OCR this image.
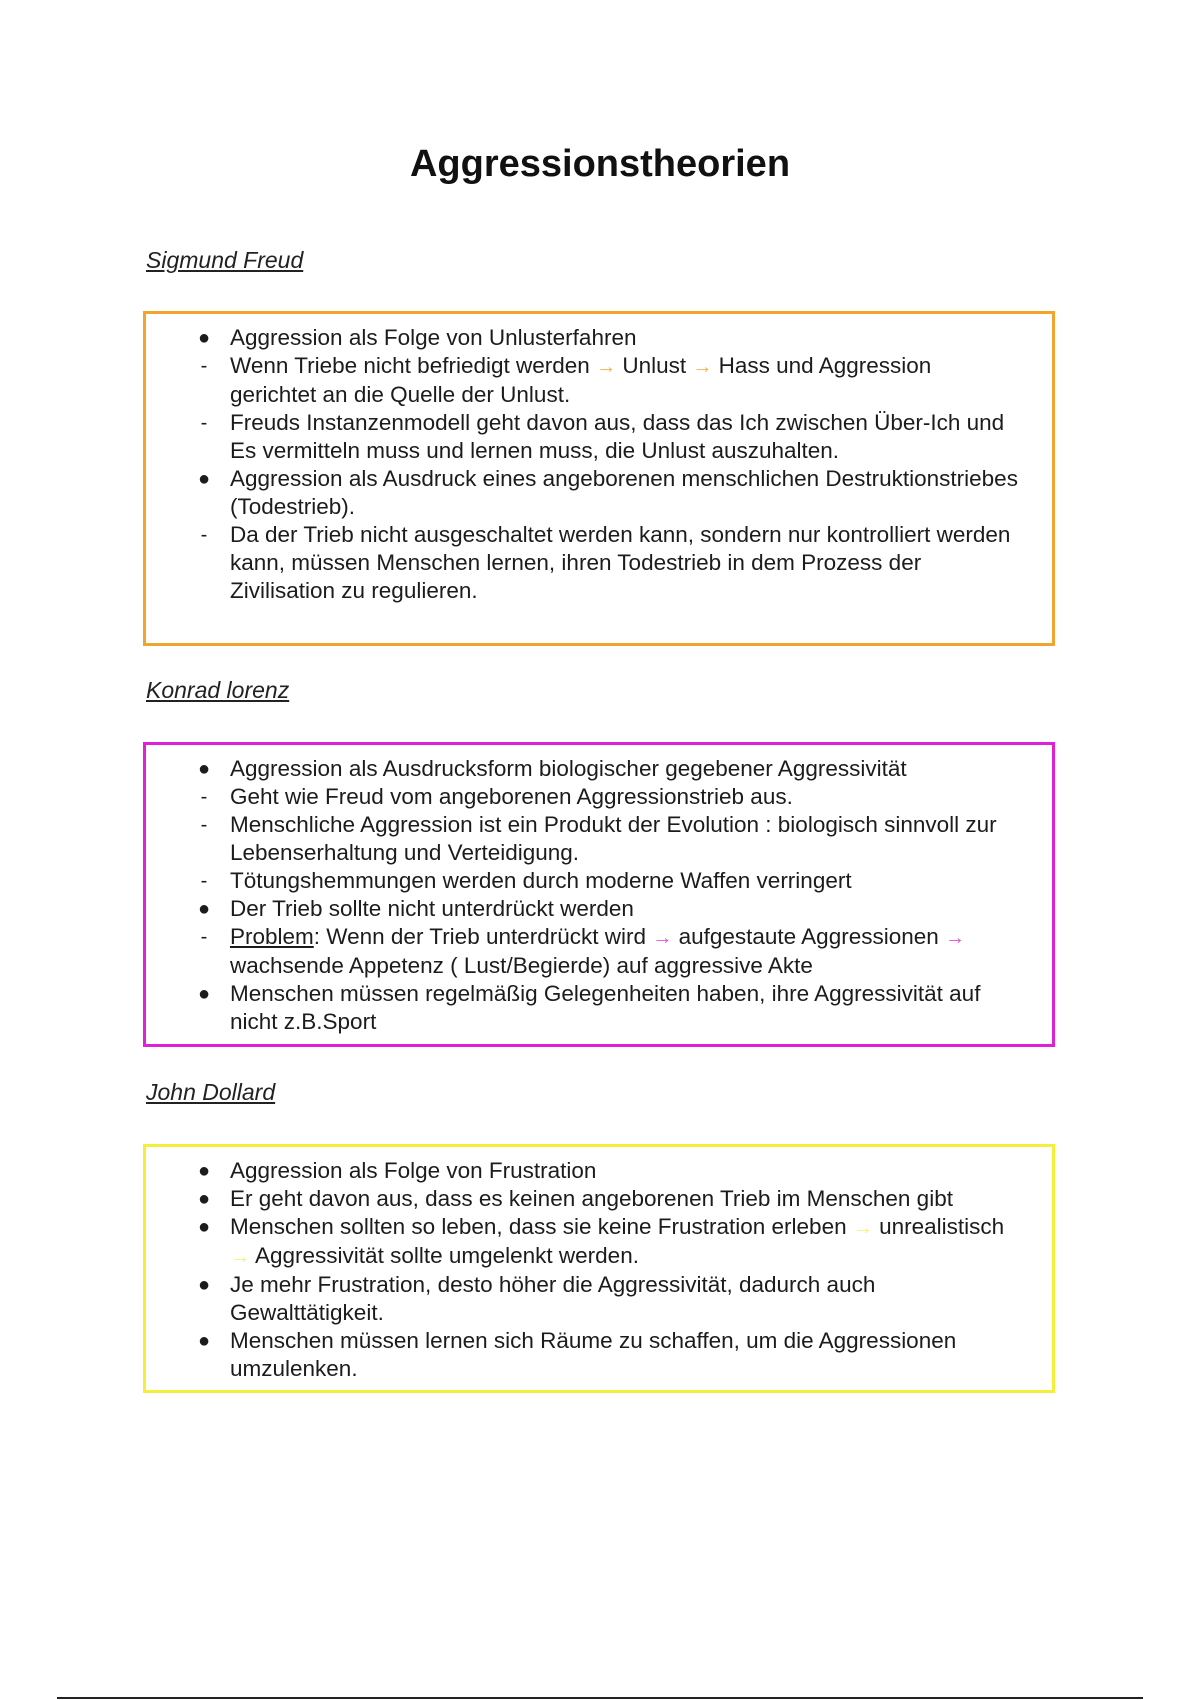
Aggressionstheorien
Sigmund Freud
● Aggression als Folge von Unlusterfahren
- Wenn Triebe nicht befriedigt werden → Unlust → Hass und Aggression gerichtet an die Quelle der Unlust.
- Freuds Instanzenmodell geht davon aus, dass das Ich zwischen Über-Ich und Es vermitteln muss und lernen muss, die Unlust auszuhalten.
● Aggression als Ausdruck eines angeborenen menschlichen Destruktionstriebes (Todestrieb).
- Da der Trieb nicht ausgeschaltet werden kann, sondern nur kontrolliert werden kann, müssen Menschen lernen, ihren Todestrieb in dem Prozess der Zivilisation zu regulieren.
Konrad lorenz
● Aggression als Ausdrucksform biologischer gegebener Aggressivität
- Geht wie Freud vom angeborenen Aggressionstrieb aus.
- Menschliche Aggression ist ein Produkt der Evolution : biologisch sinnvoll zur Lebenserhaltung und Verteidigung.
- Tötungshemmungen werden durch moderne Waffen verringert
● Der Trieb sollte nicht unterdrückt werden
- Problem: Wenn der Trieb unterdrückt wird → aufgestaute Aggressionen → wachsende Appetenz ( Lust/Begierde) auf aggressive Akte
● Menschen müssen regelmäßig Gelegenheiten haben, ihre Aggressivität auf nicht z.B.Sport
John Dollard
● Aggression als Folge von Frustration
● Er geht davon aus, dass es keinen angeborenen Trieb im Menschen gibt
● Menschen sollten so leben, dass sie keine Frustration erleben → unrealistisch → Aggressivität sollte umgelenkt werden.
● Je mehr Frustration, desto höher die Aggressivität, dadurch auch Gewalttätigkeit.
● Menschen müssen lernen sich Räume zu schaffen, um die Aggressionen umzulenken.
